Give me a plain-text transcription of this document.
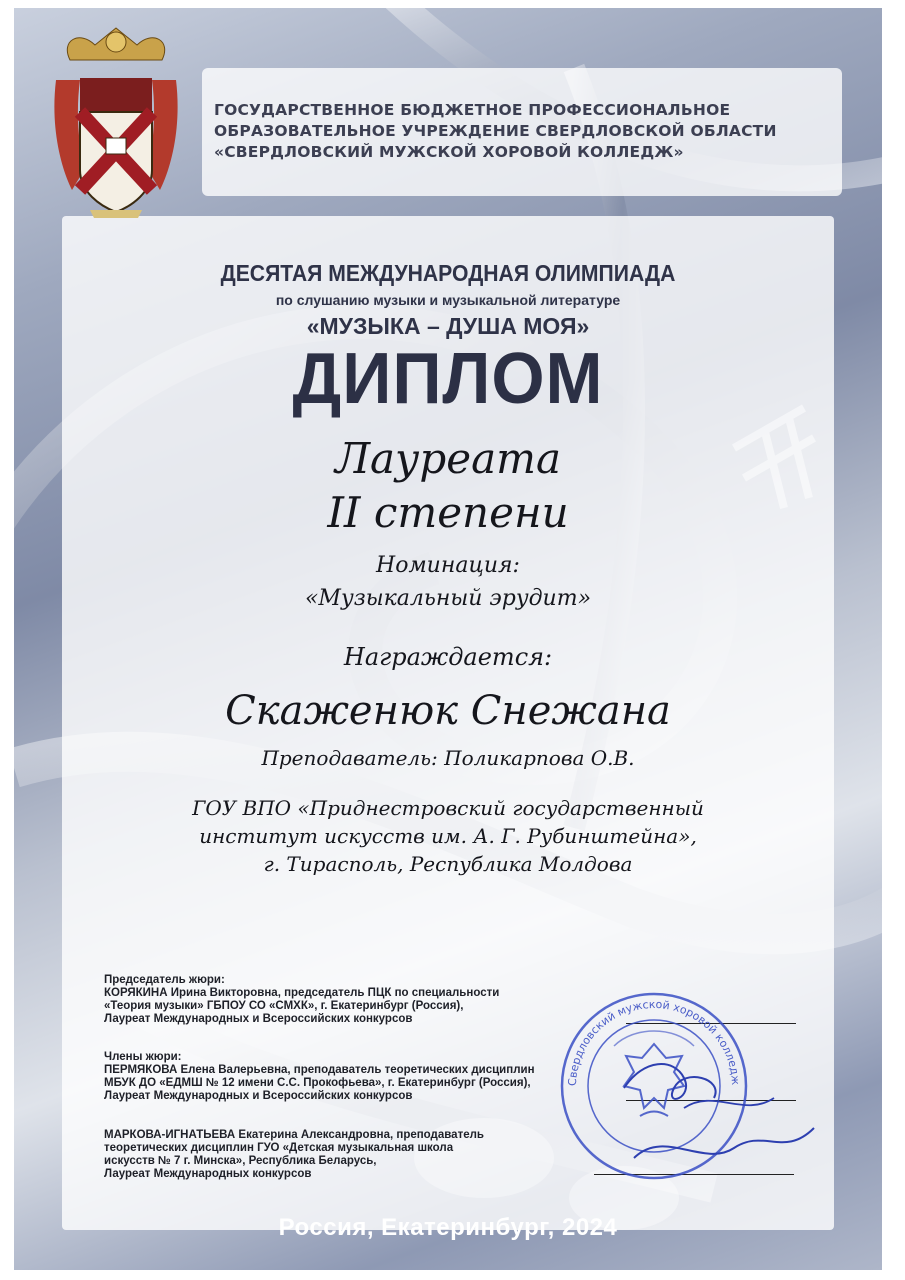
ГОСУДАРСТВЕННОЕ БЮДЖЕТНОЕ ПРОФЕССИОНАЛЬНОЕ
ОБРАЗОВАТЕЛЬНОЕ УЧРЕЖДЕНИЕ СВЕРДЛОВСКОЙ ОБЛАСТИ
«СВЕРДЛОВСКИЙ МУЖСКОЙ ХОРОВОЙ КОЛЛЕДЖ»
ДЕСЯТАЯ МЕЖДУНАРОДНАЯ ОЛИМПИАДА
по слушанию музыки и музыкальной литературе
«МУЗЫКА – ДУША МОЯ»
ДИПЛОМ
Лауреата
II степени
Номинация:
«Музыкальный эрудит»
Награждается:
Скаженюк Снежана
Преподаватель: Поликарпова О.В.
ГОУ ВПО «Приднестровский государственный
институт искусств им. А. Г. Рубинштейна»,
г. Тирасполь, Республика Молдова
Председатель жюри:
КОРЯКИНА Ирина Викторовна, председатель ПЦК по специальности
«Теория музыки» ГБПОУ СО «СМХК», г. Екатеринбург (Россия),
Лауреат Международных и Всероссийских конкурсов
Члены жюри:
ПЕРМЯКОВА Елена Валерьевна, преподаватель теоретических дисциплин
МБУК ДО «ЕДМШ № 12 имени С.С. Прокофьева», г. Екатеринбург (Россия),
Лауреат Международных и Всероссийских конкурсов
МАРКОВА-ИГНАТЬЕВА Екатерина Александровна, преподаватель
теоретических дисциплин ГУО «Детская музыкальная школа
искусств № 7 г. Минска», Республика Беларусь,
Лауреат Международных конкурсов
Свердловский мужской хоровой колледж
Россия, Екатеринбург, 2024
